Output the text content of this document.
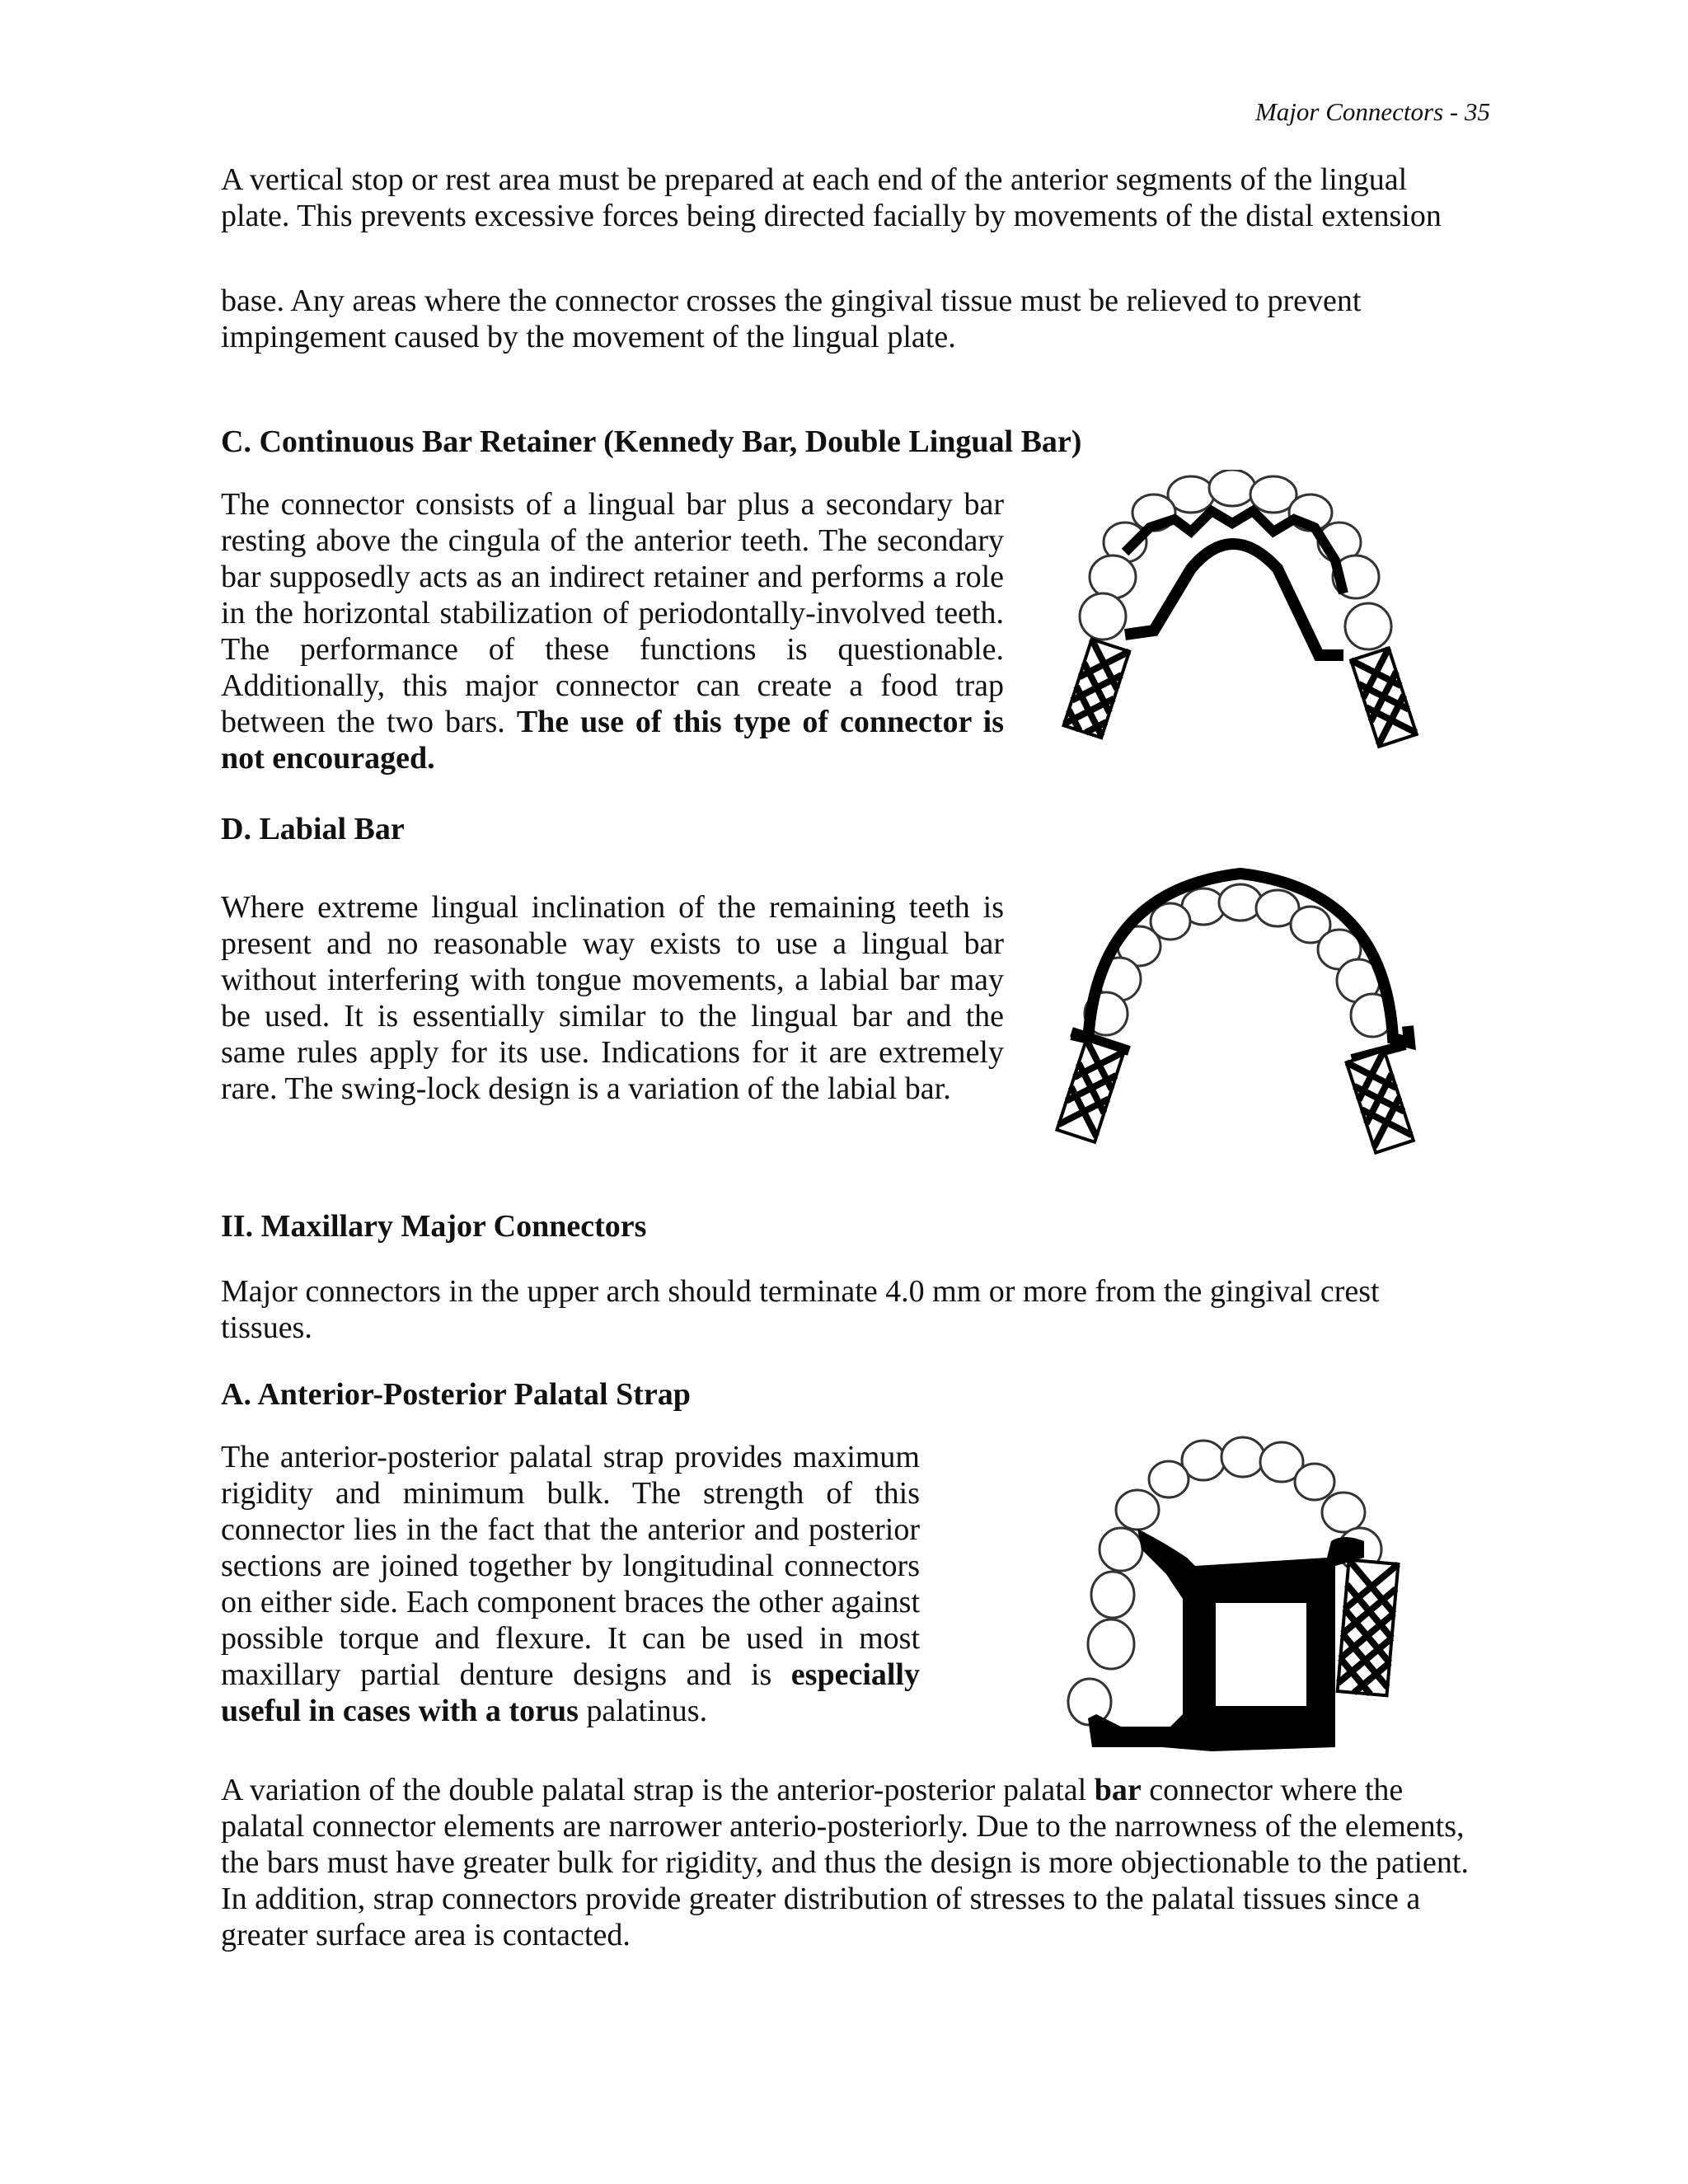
Major Connectors - 35

A vertical stop or rest area must be prepared at each end of the anterior segments of the lingual plate. This prevents excessive forces being directed facially by movements of the distal extension

base. Any areas where the connector crosses the gingival tissue must be relieved to prevent impingement caused by the movement of the lingual plate.

C. Continuous Bar Retainer (Kennedy Bar, Double Lingual Bar)

The connector consists of a lingual bar plus a secondary bar resting above the cingula of the anterior teeth. The secondary bar supposedly acts as an indirect retainer and performs a role in the horizontal stabilization of periodontally-involved teeth. The performance of these functions is questionable. Additionally, this major connector can create a food trap between the two bars. The use of this type of connector is not encouraged.

D. Labial Bar

Where extreme lingual inclination of the remaining teeth is present and no reasonable way exists to use a lingual bar without interfering with tongue movements, a labial bar may be used. It is essentially similar to the lingual bar and the same rules apply for its use. Indications for it are extremely rare. The swing-lock design is a variation of the labial bar.

II. Maxillary Major Connectors

Major connectors in the upper arch should terminate 4.0 mm or more from the gingival crest tissues.

A. Anterior-Posterior Palatal Strap

The anterior-posterior palatal strap provides maximum rigidity and minimum bulk. The strength of this connector lies in the fact that the anterior and posterior sections are joined together by longitudinal connectors on either side. Each component braces the other against possible torque and flexure. It can be used in most maxillary partial denture designs and is especially useful in cases with a torus palatinus.

A variation of the double palatal strap is the anterior-posterior palatal bar connector where the palatal connector elements are narrower anterio-posteriorly. Due to the narrowness of the elements, the bars must have greater bulk for rigidity, and thus the design is more objectionable to the patient. In addition, strap connectors provide greater distribution of stresses to the palatal tissues since a greater surface area is contacted.
